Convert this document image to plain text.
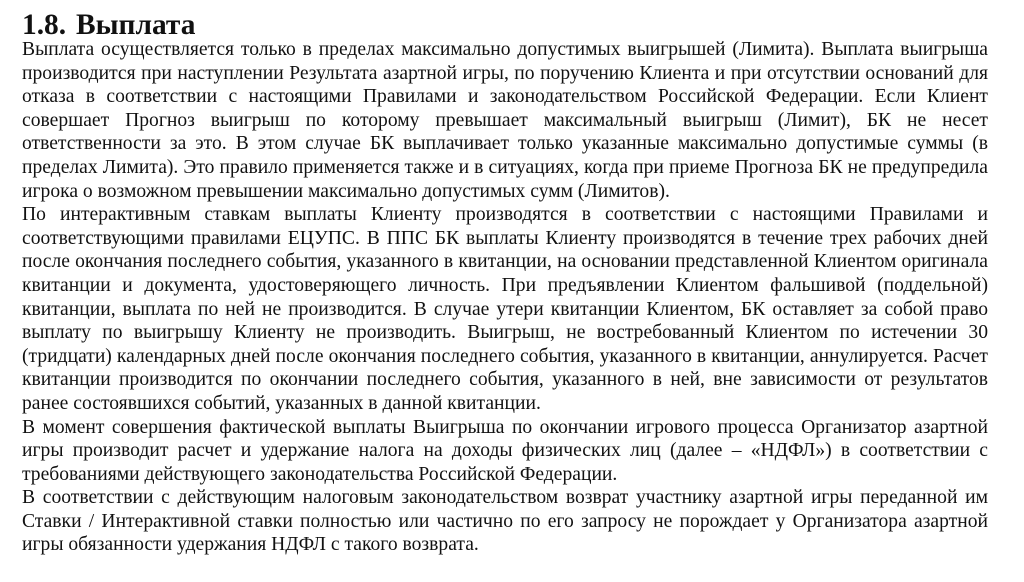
1.8. Выплата

Выплата осуществляется только в пределах максимально допустимых выигрышей (Лимита). Выплата выигрыша производится при наступлении Результата азартной игры, по поручению Клиента и при отсутствии оснований для отказа в соответствии с настоящими Правилами и законодательством Российской Федерации. Если Клиент совершает Прогноз выигрыш по которому превышает максимальный выигрыш (Лимит), БК не несет ответственности за это. В этом случае БК выплачивает только указанные максимально допустимые суммы (в пределах Лимита). Это правило применяется также и в ситуациях, когда при приеме Прогноза БК не предупредила игрока о возможном превышении максимально допустимых сумм (Лимитов).

По интерактивным ставкам выплаты Клиенту производятся в соответствии с настоящими Правилами и соответствующими правилами ЕЦУПС. В ППС БК выплаты Клиенту производятся в течение трех рабочих дней после окончания последнего события, указанного в квитанции, на основании представленной Клиентом оригинала квитанции и документа, удостоверяющего личность. При предъявлении Клиентом фальшивой (поддельной) квитанции, выплата по ней не производится. В случае утери квитанции Клиентом, БК оставляет за собой право выплату по выигрышу Клиенту не производить. Выигрыш, не востребованный Клиентом по истечении 30 (тридцати) календарных дней после окончания последнего события, указанного в квитанции, аннулируется. Расчет квитанции производится по окончании последнего события, указанного в ней, вне зависимости от результатов ранее состоявшихся событий, указанных в данной квитанции.

В момент совершения фактической выплаты Выигрыша по окончании игрового процесса Организатор азартной игры производит расчет и удержание налога на доходы физических лиц (далее – «НДФЛ») в соответствии с требованиями действующего законодательства Российской Федерации.

В соответствии с действующим налоговым законодательством возврат участнику азартной игры переданной им Ставки / Интерактивной ставки полностью или частично по его запросу не порождает у Организатора азартной игры обязанности удержания НДФЛ с такого возврата.
